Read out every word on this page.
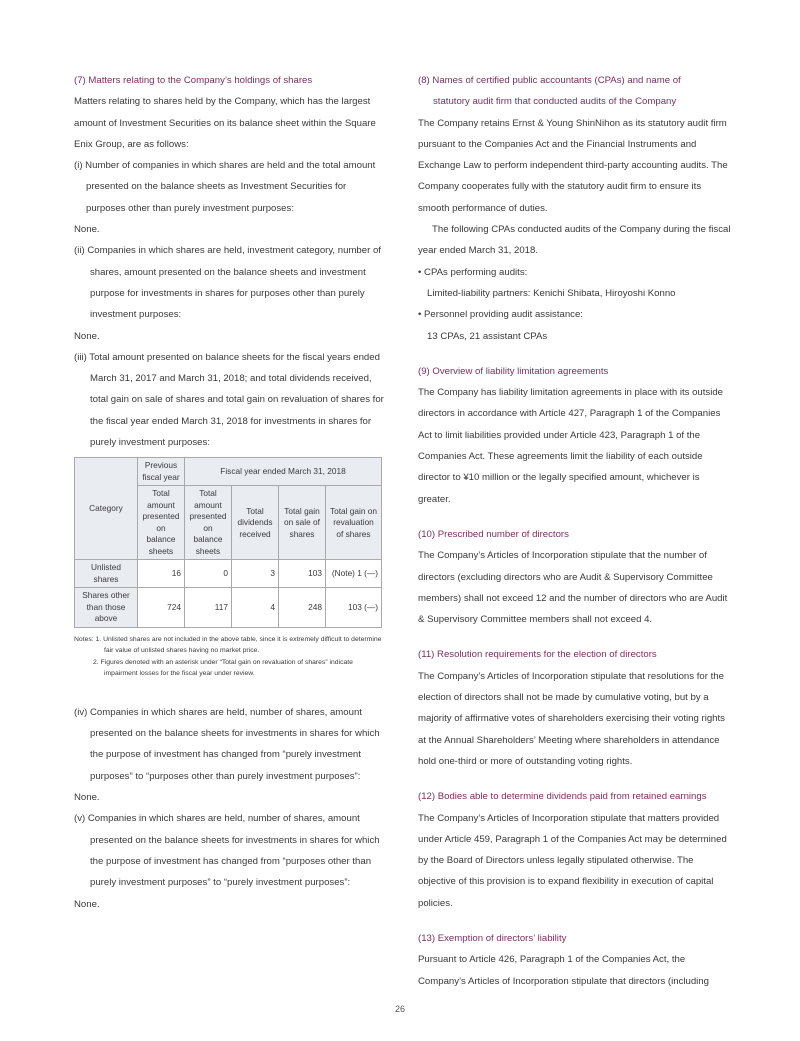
(7) Matters relating to the Company’s holdings of shares

Matters relating to shares held by the Company, which has the largest amount of Investment Securities on its balance sheet within the Square Enix Group, are as follows:

(i) Number of companies in which shares are held and the total amount presented on the balance sheets as Investment Securities for purposes other than purely investment purposes:

None.

(ii) Companies in which shares are held, investment category, number of shares, amount presented on the balance sheets and investment purpose for investments in shares for purposes other than purely investment purposes:

None.

(iii) Total amount presented on balance sheets for the fiscal years ended March 31, 2017 and March 31, 2018; and total dividends received, total gain on sale of shares and total gain on revaluation of shares for the fiscal year ended March 31, 2018 for investments in shares for purely investment purposes:

Category	Previous fiscal year	Fiscal year ended March 31, 2018			
	Total amount presented on balance sheets	Total amount presented on balance sheets	Total dividends received	Total gain on sale of shares	Total gain on revaluation of shares
Unlisted shares	16	0	3	103	(Note) 1 (—)
Shares other than those above	724	117	4	248	103 (—)
Notes: 1. Unlisted shares are not included in the above table, since it is extremely difficult to determine fair value of unlisted shares having no market price.
2. Figures denoted with an asterisk under “Total gain on revaluation of shares” indicate impairment losses for the fiscal year under review.

(iv) Companies in which shares are held, number of shares, amount presented on the balance sheets for investments in shares for which the purpose of investment has changed from “purely investment purposes” to “purposes other than purely investment purposes”:

None.

(v) Companies in which shares are held, number of shares, amount presented on the balance sheets for investments in shares for which the purpose of investment has changed from “purposes other than purely investment purposes” to “purely investment purposes”:

None.

(8) Names of certified public accountants (CPAs) and name of
statutory audit firm that conducted audits of the Company

The Company retains Ernst & Young ShinNihon as its statutory audit firm pursuant to the Companies Act and the Financial Instruments and Exchange Law to perform independent third-party accounting audits. The Company cooperates fully with the statutory audit firm to ensure its smooth performance of duties.

The following CPAs conducted audits of the Company during the fiscal year ended March 31, 2018.

• CPAs performing audits:

Limited-liability partners: Kenichi Shibata, Hiroyoshi Konno

• Personnel providing audit assistance:

13 CPAs, 21 assistant CPAs

(9) Overview of liability limitation agreements

The Company has liability limitation agreements in place with its outside directors in accordance with Article 427, Paragraph 1 of the Companies Act to limit liabilities provided under Article 423, Paragraph 1 of the Companies Act. These agreements limit the liability of each outside director to ¥10 million or the legally specified amount, whichever is greater.

(10) Prescribed number of directors

The Company’s Articles of Incorporation stipulate that the number of directors (excluding directors who are Audit & Supervisory Committee members) shall not exceed 12 and the number of directors who are Audit & Supervisory Committee members shall not exceed 4.

(11) Resolution requirements for the election of directors

The Company’s Articles of Incorporation stipulate that resolutions for the election of directors shall not be made by cumulative voting, but by a majority of affirmative votes of shareholders exercising their voting rights at the Annual Shareholders’ Meeting where shareholders in attendance hold one-third or more of outstanding voting rights.

(12) Bodies able to determine dividends paid from retained earnings

The Company’s Articles of Incorporation stipulate that matters provided under Article 459, Paragraph 1 of the Companies Act may be determined by the Board of Directors unless legally stipulated otherwise. The objective of this provision is to expand flexibility in execution of capital policies.

(13) Exemption of directors’ liability

Pursuant to Article 426, Paragraph 1 of the Companies Act, the Company’s Articles of Incorporation stipulate that directors (including

26
